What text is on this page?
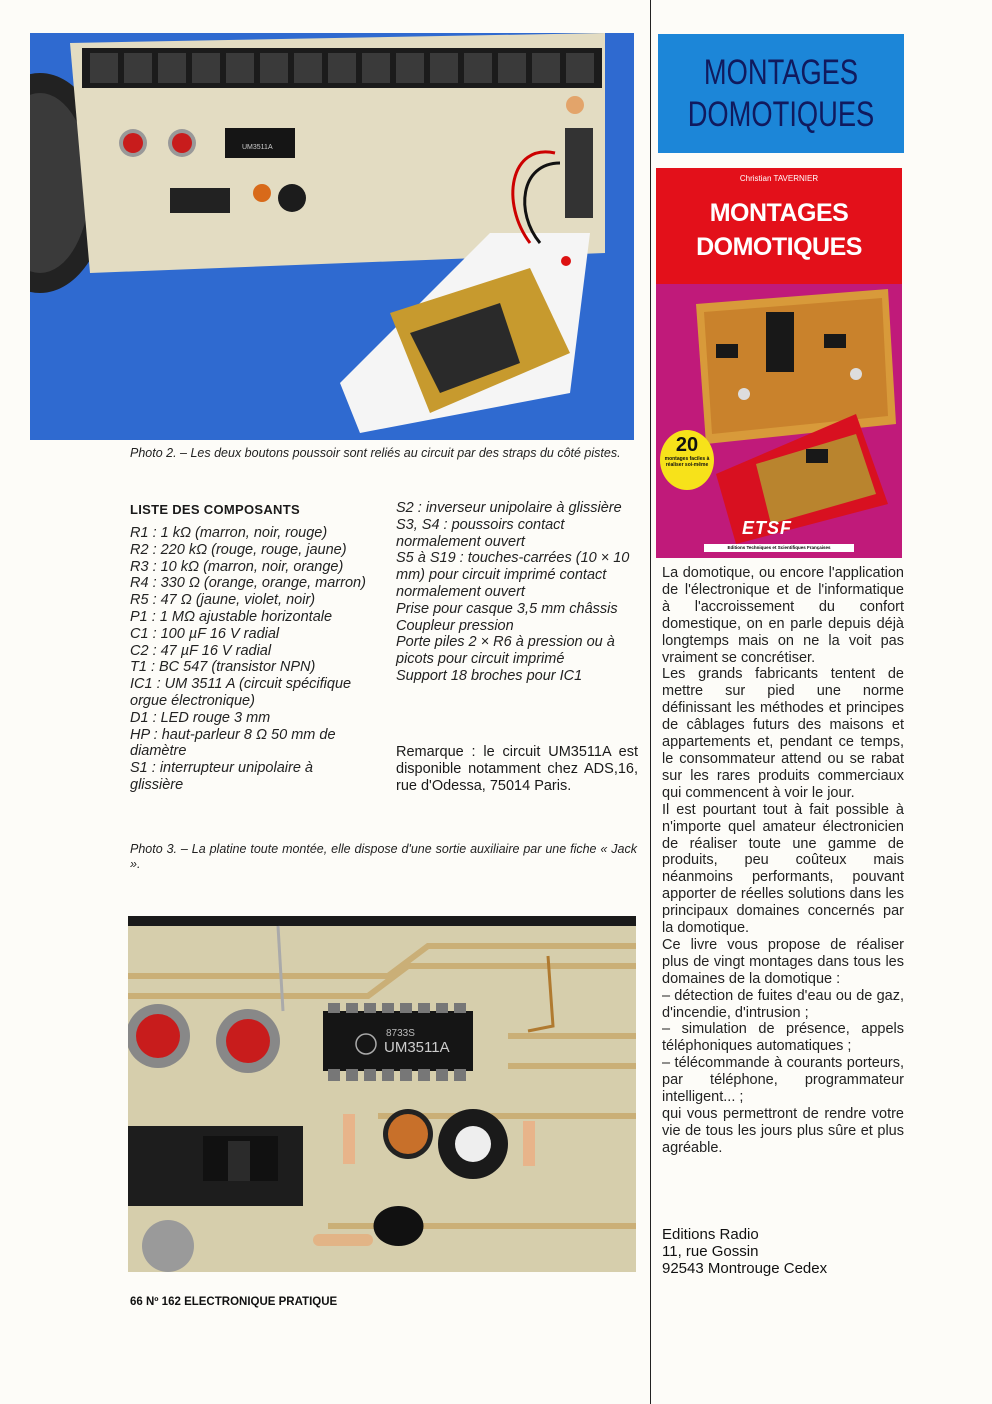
UM3511A
Photo 2. – Les deux boutons poussoir sont reliés au circuit par des straps du côté pistes.
LISTE DES COMPOSANTS

R1 : 1 kΩ (marron, noir, rouge)

R2 : 220 kΩ (rouge, rouge, jaune)

R3 : 10 kΩ (marron, noir, orange)

R4 : 330 Ω (orange, orange, marron)

R5 : 47 Ω (jaune, violet, noir)

P1 : 1 MΩ ajustable horizontale

C1 : 100 µF 16 V radial

C2 : 47 µF 16 V radial

T1 : BC 547 (transistor NPN)

IC1 : UM 3511 A (circuit spécifique orgue électronique)

D1 : LED rouge 3 mm

HP : haut-parleur 8 Ω 50 mm de diamètre

S1 : interrupteur unipolaire à glissière

S2 : inverseur unipolaire à glissière

S3, S4 : poussoirs contact normalement ouvert

S5 à S19 : touches-carrées (10 × 10 mm) pour circuit imprimé contact normalement ouvert

Prise pour casque 3,5 mm châssis

Coupleur pression

Porte piles 2 × R6 à pression ou à picots pour circuit imprimé

Support 18 broches pour IC1

Remarque : le circuit UM3511A est disponible notamment chez ADS,16, rue d'Odessa, 75014 Paris.
Photo 3. – La platine toute montée, elle dispose d'une sortie auxiliaire par une fiche « Jack ».
8733S
UM3511A
MONTAGES
DOMOTIQUES
Christian TAVERNIER
MONTAGES
DOMOTIQUES
20
montages faciles à réaliser soi-même
ETSF
Editions Techniques et Scientifiques Françaises

La domotique, ou encore l'application de l'électronique et de l'informatique à l'accroissement du confort domestique, on en parle depuis déjà longtemps mais on ne la voit pas vraiment se concrétiser.

Les grands fabricants tentent de mettre sur pied une norme définissant les méthodes et principes de câblages futurs des maisons et appartements et, pendant ce temps, le consommateur attend ou se rabat sur les rares produits commerciaux qui commencent à voir le jour.

Il est pourtant tout à fait possible à n'importe quel amateur électronicien de réaliser toute une gamme de produits, peu coûteux mais néanmoins performants, pouvant apporter de réelles solutions dans les principaux domaines concernés par la domotique.

Ce livre vous propose de réaliser plus de vingt montages dans tous les domaines de la domotique :

– détection de fuites d'eau ou de gaz, d'incendie, d'intrusion ;

– simulation de présence, appels téléphoniques automatiques ;

– télécommande à courants porteurs, par téléphone, programmateur intelligent... ;

qui vous permettront de rendre votre vie de tous les jours plus sûre et plus agréable.

Editions Radio
11, rue Gossin
92543 Montrouge Cedex
66 Nº 162 ELECTRONIQUE PRATIQUE
